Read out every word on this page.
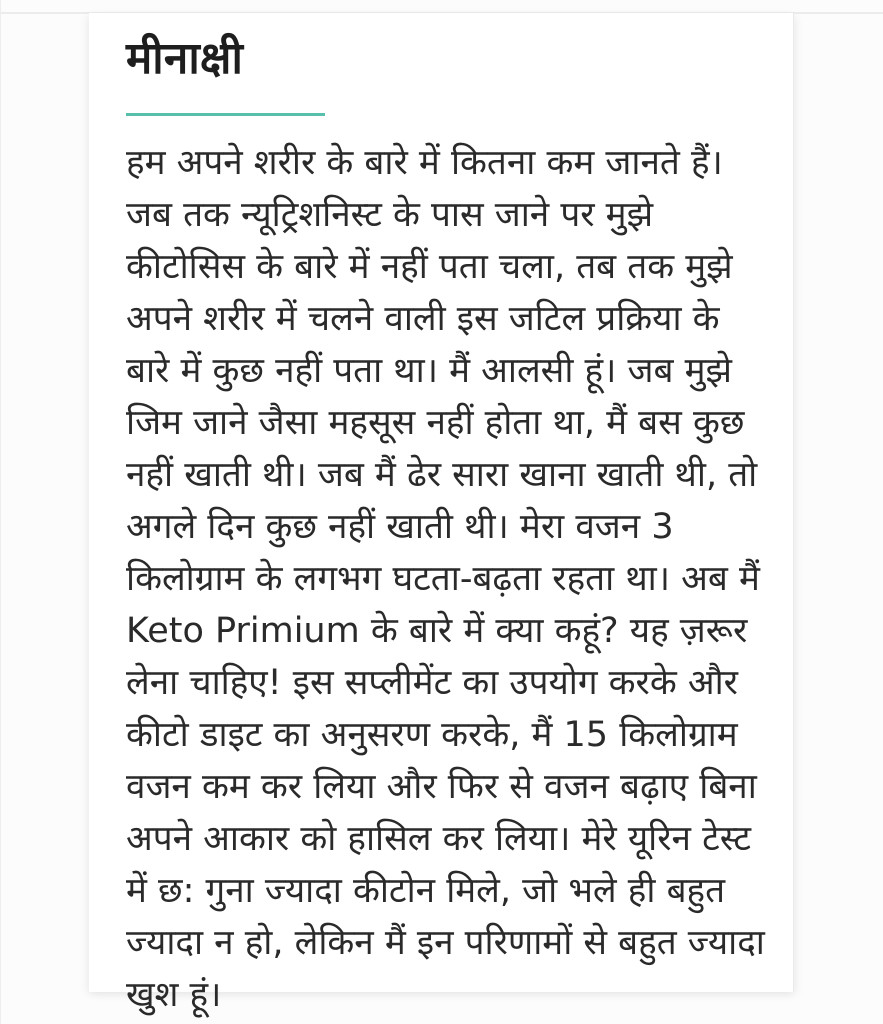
मीनाक्षी

हम अपने शरीर के बारे में कितना कम जानते हैं। जब तक न्यूट्रिशनिस्ट के पास जाने पर मुझे कीटोसिस के बारे में नहीं पता चला, तब तक मुझे अपने शरीर में चलने वाली इस जटिल प्रक्रिया के बारे में कुछ नहीं पता था। मैं आलसी हूं। जब मुझे जिम जाने जैसा महसूस नहीं होता था, मैं बस कुछ नहीं खाती थी। जब मैं ढेर सारा खाना खाती थी, तो अगले दिन कुछ नहीं खाती थी। मेरा वजन 3 किलोग्राम के लगभग घटता-बढ़ता रहता था। अब मैं Keto Primium के बारे में क्या कहूं? यह ज़रूर लेना चाहिए! इस सप्लीमेंट का उपयोग करके और कीटो डाइट का अनुसरण करके, मैं 15 किलोग्राम वजन कम कर लिया और फिर से वजन बढ़ाए बिना अपने आकार को हासिल कर लिया। मेरे यूरिन टेस्ट में छ: गुना ज्यादा कीटोन मिले, जो भले ही बहुत ज्यादा न हो, लेकिन मैं इन परिणामों से बहुत ज्यादा खुश हूं।
